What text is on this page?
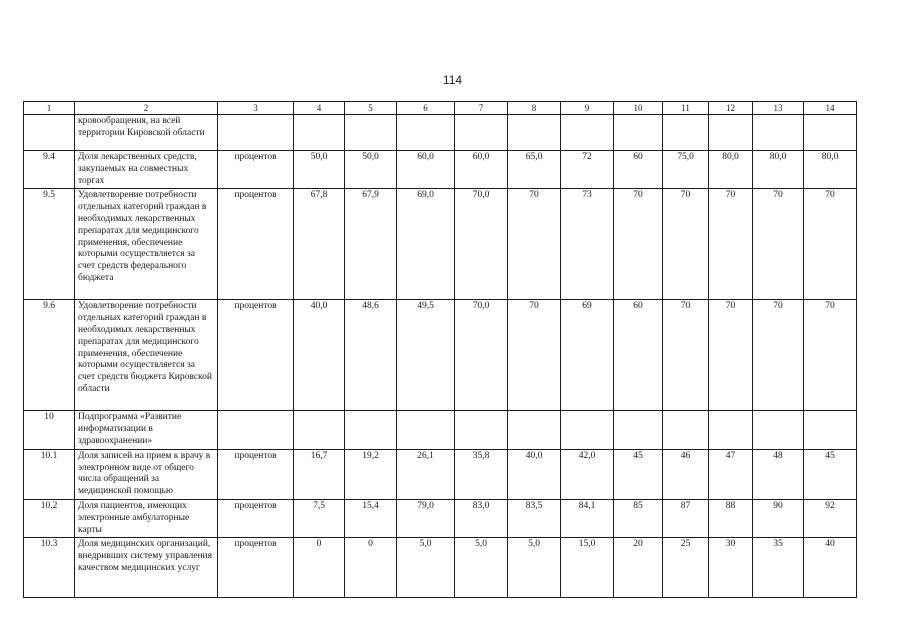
114
1	2	3	4	5	6	7	8	9	10	11	12	13	14
	кровообращения, на всей территории Кировской области												
9.4	Доля лекарственных средств, закупаемых на совместных торгах	процентов	50,0	50,0	60,0	60,0	65,0	72	60	75,0	80,0	80,0	80,0
9.5	Удовлетворение потребности отдельных категорий граждан в необходимых лекарственных препаратах для медицинского применения, обеспечение которыми осуществляется за счет средств федерального бюджета	процентов	67,8	67,9	69,0	70,0	70	73	70	70	70	70	70
9.6	Удовлетворение потребности отдельных категорий граждан в необходимых лекарственных препаратах для медицинского применения, обеспечение которыми осуществляется за счет средств бюджета Кировской области	процентов	40,0	48,6	49,5	70,0	70	69	60	70	70	70	70
10	Подпрограмма «Развитие информатизации в здравоохранении»												
10.1	Доля записей на прием к врачу в электронном виде от общего числа обращений за медицинской помощью	процентов	16,7	19,2	26,1	35,8	40,0	42,0	45	46	47	48	45
10.2	Доля пациентов, имеющих электронные амбулаторные карты	процентов	7,5	15,4	79,0	83,0	83,5	84,1	85	87	88	90	92
10.3	Доля медицинских организаций, внедривших систему управления качеством медицинских услуг	процентов	0	0	5,0	5,0	5,0	15,0	20	25	30	35	40
